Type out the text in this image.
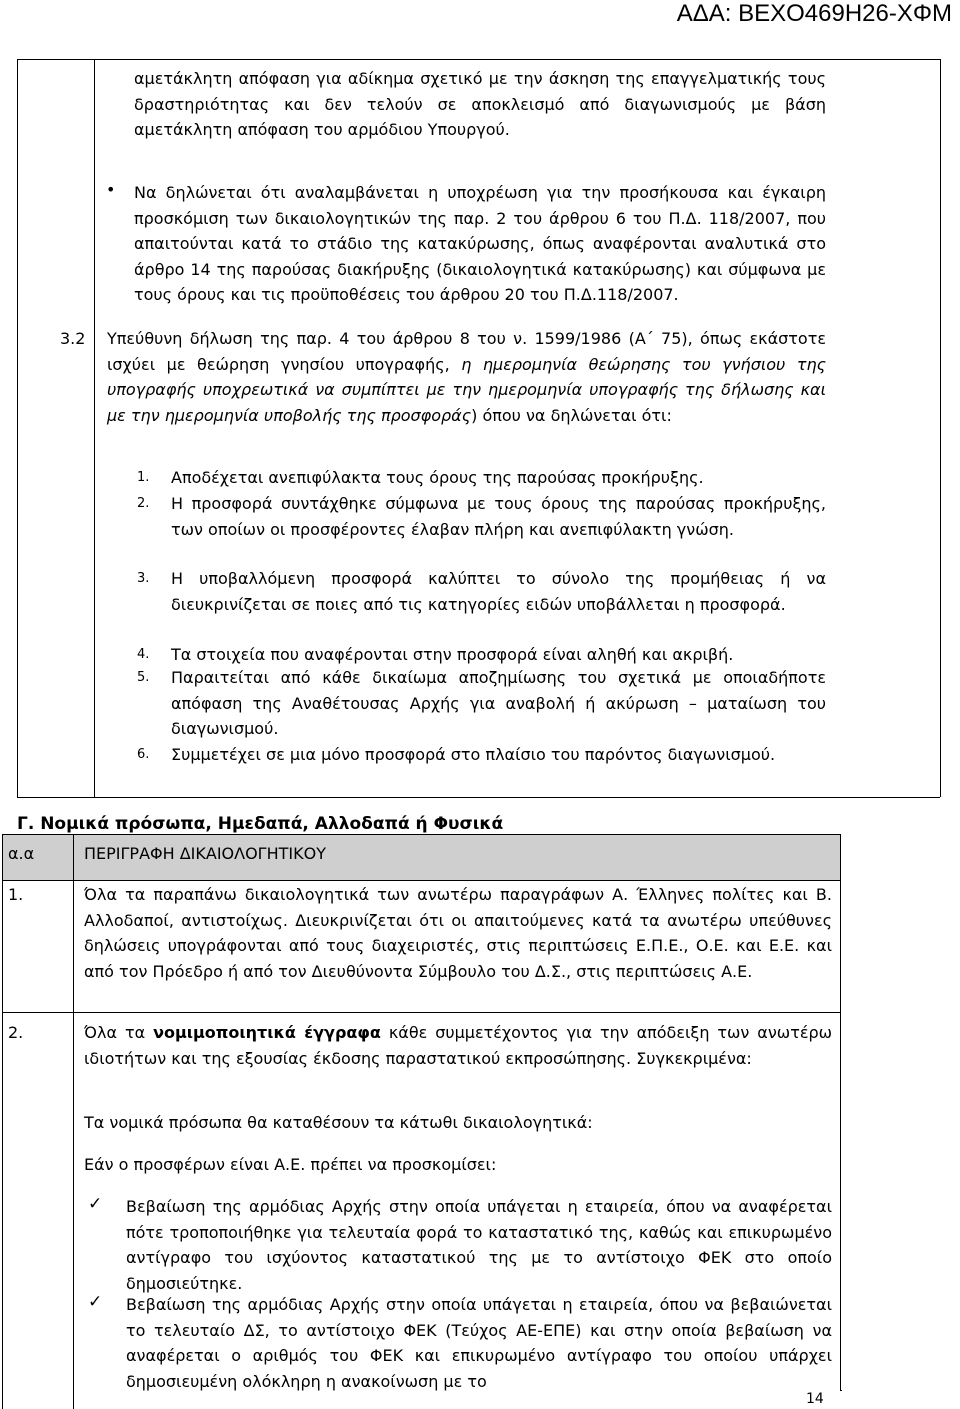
ΑΔΑ: ΒΕΧΟ469Η26-ΧΦΜ
αμετάκλητη απόφαση για αδίκημα σχετικό με την άσκηση της επαγγελματικής τους δραστηριότητας και δεν τελούν σε αποκλεισμό από διαγωνισμούς με βάση αμετάκλητη απόφαση του αρμόδιου Υπουργού.
• Να δηλώνεται ότι αναλαμβάνεται η υποχρέωση για την προσήκουσα και έγκαιρη προσκόμιση των δικαιολογητικών της παρ. 2 του άρθρου 6 του Π.Δ. 118/2007, που απαιτούνται κατά το στάδιο της κατακύρωσης, όπως αναφέρονται αναλυτικά στο άρθρο 14 της παρούσας διακήρυξης (δικαιολογητικά κατακύρωσης) και σύμφωνα με τους όρους και τις προϋποθέσεις του άρθρου 20 του Π.Δ.118/2007.
3.2 Υπεύθυνη δήλωση της παρ. 4 του άρθρου 8 του ν. 1599/1986 (Α΄ 75), όπως εκάστοτε ισχύει με θεώρηση γνησίου υπογραφής, η ημερομηνία θεώρησης του γνήσιου της υπογραφής υποχρεωτικά να συμπίπτει με την ημερομηνία υπογραφής της δήλωσης και με την ημερομηνία υποβολής της προσφοράς) όπου να δηλώνεται ότι:
1. Αποδέχεται ανεπιφύλακτα τους όρους της παρούσας προκήρυξης.
2. Η προσφορά συντάχθηκε σύμφωνα με τους όρους της παρούσας προκήρυξης, των οποίων οι προσφέροντες έλαβαν πλήρη και ανεπιφύλακτη γνώση.
3. Η υποβαλλόμενη προσφορά καλύπτει το σύνολο της προμήθειας ή να διευκρινίζεται σε ποιες από τις κατηγορίες ειδών υποβάλλεται η προσφορά.
4. Τα στοιχεία που αναφέρονται στην προσφορά είναι αληθή και ακριβή.
5. Παραιτείται από κάθε δικαίωμα αποζημίωσης του σχετικά με οποιαδήποτε απόφαση της Αναθέτουσας Αρχής για αναβολή ή ακύρωση – ματαίωση του διαγωνισμού.
6. Συμμετέχει σε μια μόνο προσφορά στο πλαίσιο του παρόντος διαγωνισμού.
Γ. Νομικά πρόσωπα, Ημεδαπά, Αλλοδαπά ή Φυσικά
α.α	ΠΕΡΙΓΡΑΦΗ ΔΙΚΑΙΟΛΟΓΗΤΙΚΟΥ
1.	Όλα τα παραπάνω δικαιολογητικά των ανωτέρω παραγράφων Α. Έλληνες πολίτες και Β. Αλλοδαποί, αντιστοίχως. Διευκρινίζεται ότι οι απαιτούμενες κατά τα ανωτέρω υπεύθυνες δηλώσεις υπογράφονται από τους διαχειριστές, στις περιπτώσεις Ε.Π.Ε., Ο.Ε. και Ε.Ε. και από τον Πρόεδρο ή από τον Διευθύνοντα Σύμβουλο του Δ.Σ., στις περιπτώσεις Α.Ε.
2.	Όλα τα νομιμοποιητικά έγγραφα κάθε συμμετέχοντος για την απόδειξη των ανωτέρω ιδιοτήτων και της εξουσίας έκδοσης παραστατικού εκπροσώπησης. Συγκεκριμένα:
Τα νομικά πρόσωπα θα καταθέσουν τα κάτωθι δικαιολογητικά:
Εάν ο προσφέρων είναι Α.Ε. πρέπει να προσκομίσει:
✓ Βεβαίωση της αρμόδιας Αρχής στην οποία υπάγεται η εταιρεία, όπου να αναφέρεται πότε τροποποιήθηκε για τελευταία φορά το καταστατικό της, καθώς και επικυρωμένο αντίγραφο του ισχύοντος καταστατικού της με το αντίστοιχο ΦΕΚ στο οποίο δημοσιεύτηκε.
✓ Βεβαίωση της αρμόδιας Αρχής στην οποία υπάγεται η εταιρεία, όπου να βεβαιώνεται το τελευταίο ΔΣ, το αντίστοιχο ΦΕΚ (Τεύχος ΑΕ-ΕΠΕ) και στην οποία βεβαίωση να αναφέρεται ο αριθμός του ΦΕΚ και επικυρωμένο αντίγραφο του οποίου υπάρχει δημοσιευμένη ολόκληρη η ανακοίνωση με το
14
